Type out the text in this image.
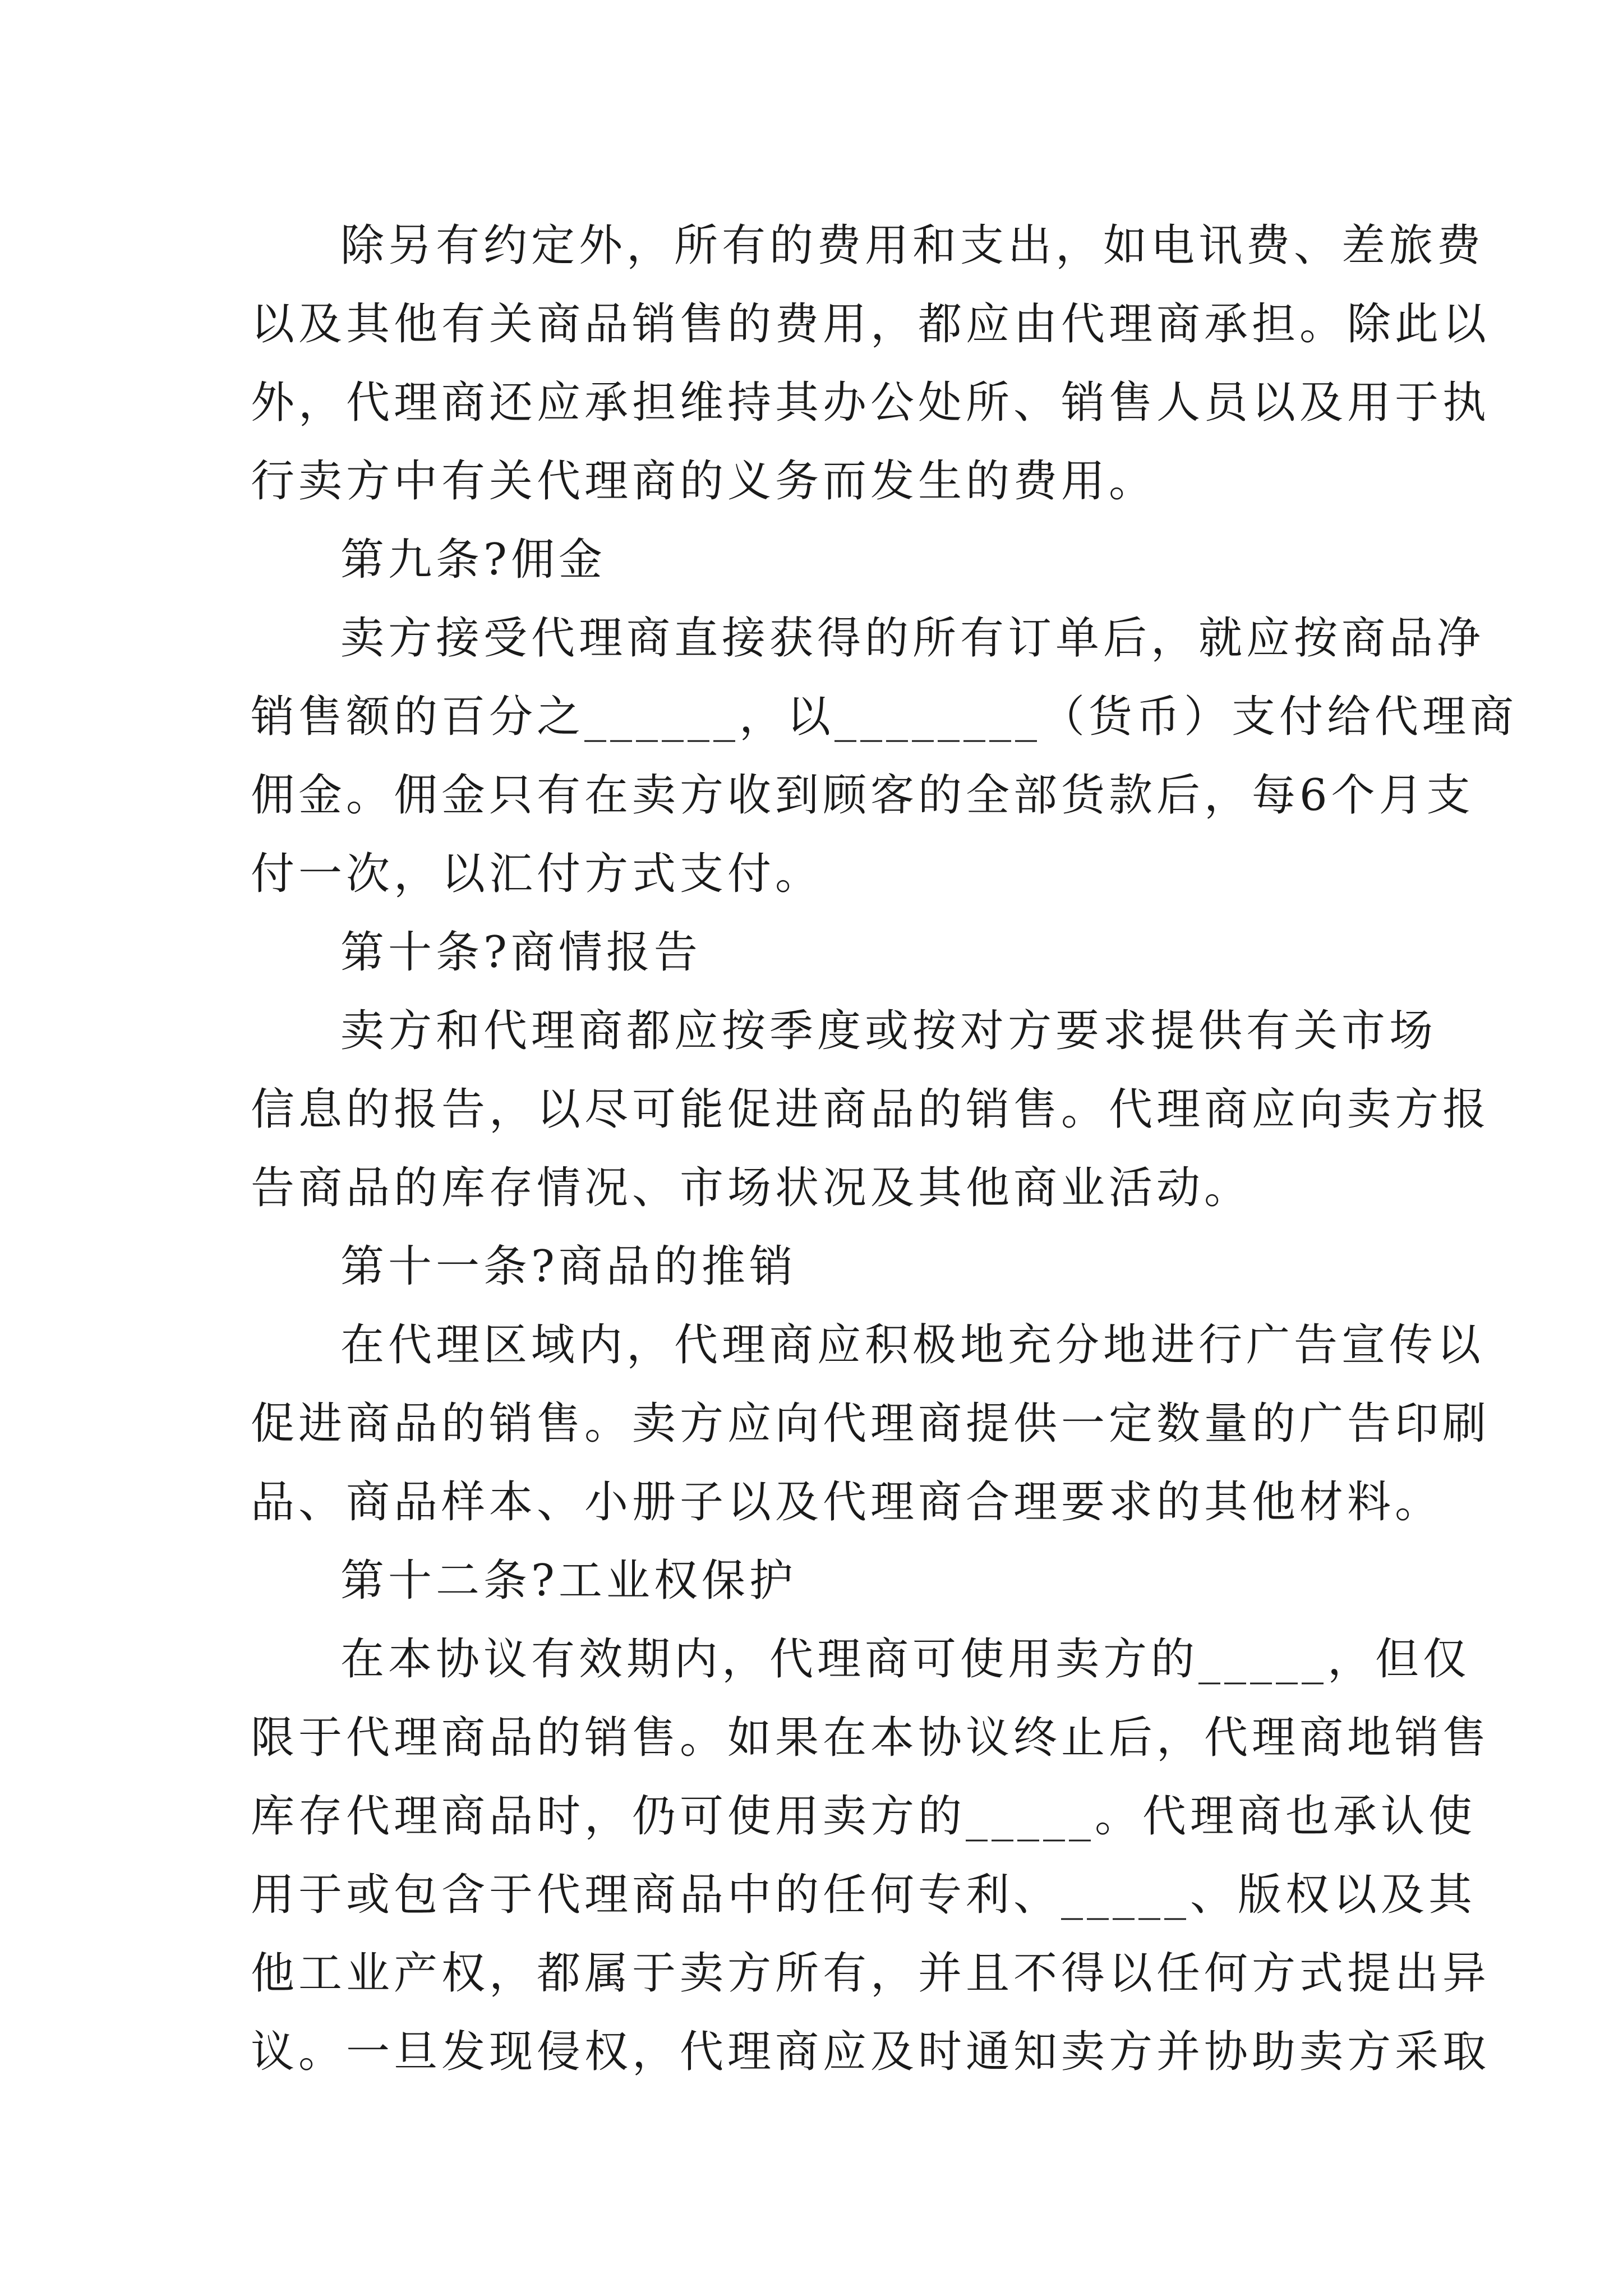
除另有约定外，所有的费用和支出，如电讯费、差旅费
以及其他有关商品销售的费用，都应由代理商承担。除此以
外，代理商还应承担维持其办公处所、销售人员以及用于执
行卖方中有关代理商的义务而发生的费用。
第九条?佣金
卖方接受代理商直接获得的所有订单后，就应按商品净
销售额的百分之______，以________（货币）支付给代理商
佣金。佣金只有在卖方收到顾客的全部货款后，每6个月支
付一次，以汇付方式支付。
第十条?商情报告
卖方和代理商都应按季度或按对方要求提供有关市场
信息的报告，以尽可能促进商品的销售。代理商应向卖方报
告商品的库存情况、市场状况及其他商业活动。
第十一条?商品的推销
在代理区域内，代理商应积极地充分地进行广告宣传以
促进商品的销售。卖方应向代理商提供一定数量的广告印刷
品、商品样本、小册子以及代理商合理要求的其他材料。
第十二条?工业权保护
在本协议有效期内，代理商可使用卖方的_____，但仅
限于代理商品的销售。如果在本协议终止后，代理商地销售
库存代理商品时，仍可使用卖方的_____。代理商也承认使
用于或包含于代理商品中的任何专利、_____、版权以及其
他工业产权，都属于卖方所有，并且不得以任何方式提出异
议。一旦发现侵权，代理商应及时通知卖方并协助卖方采取
